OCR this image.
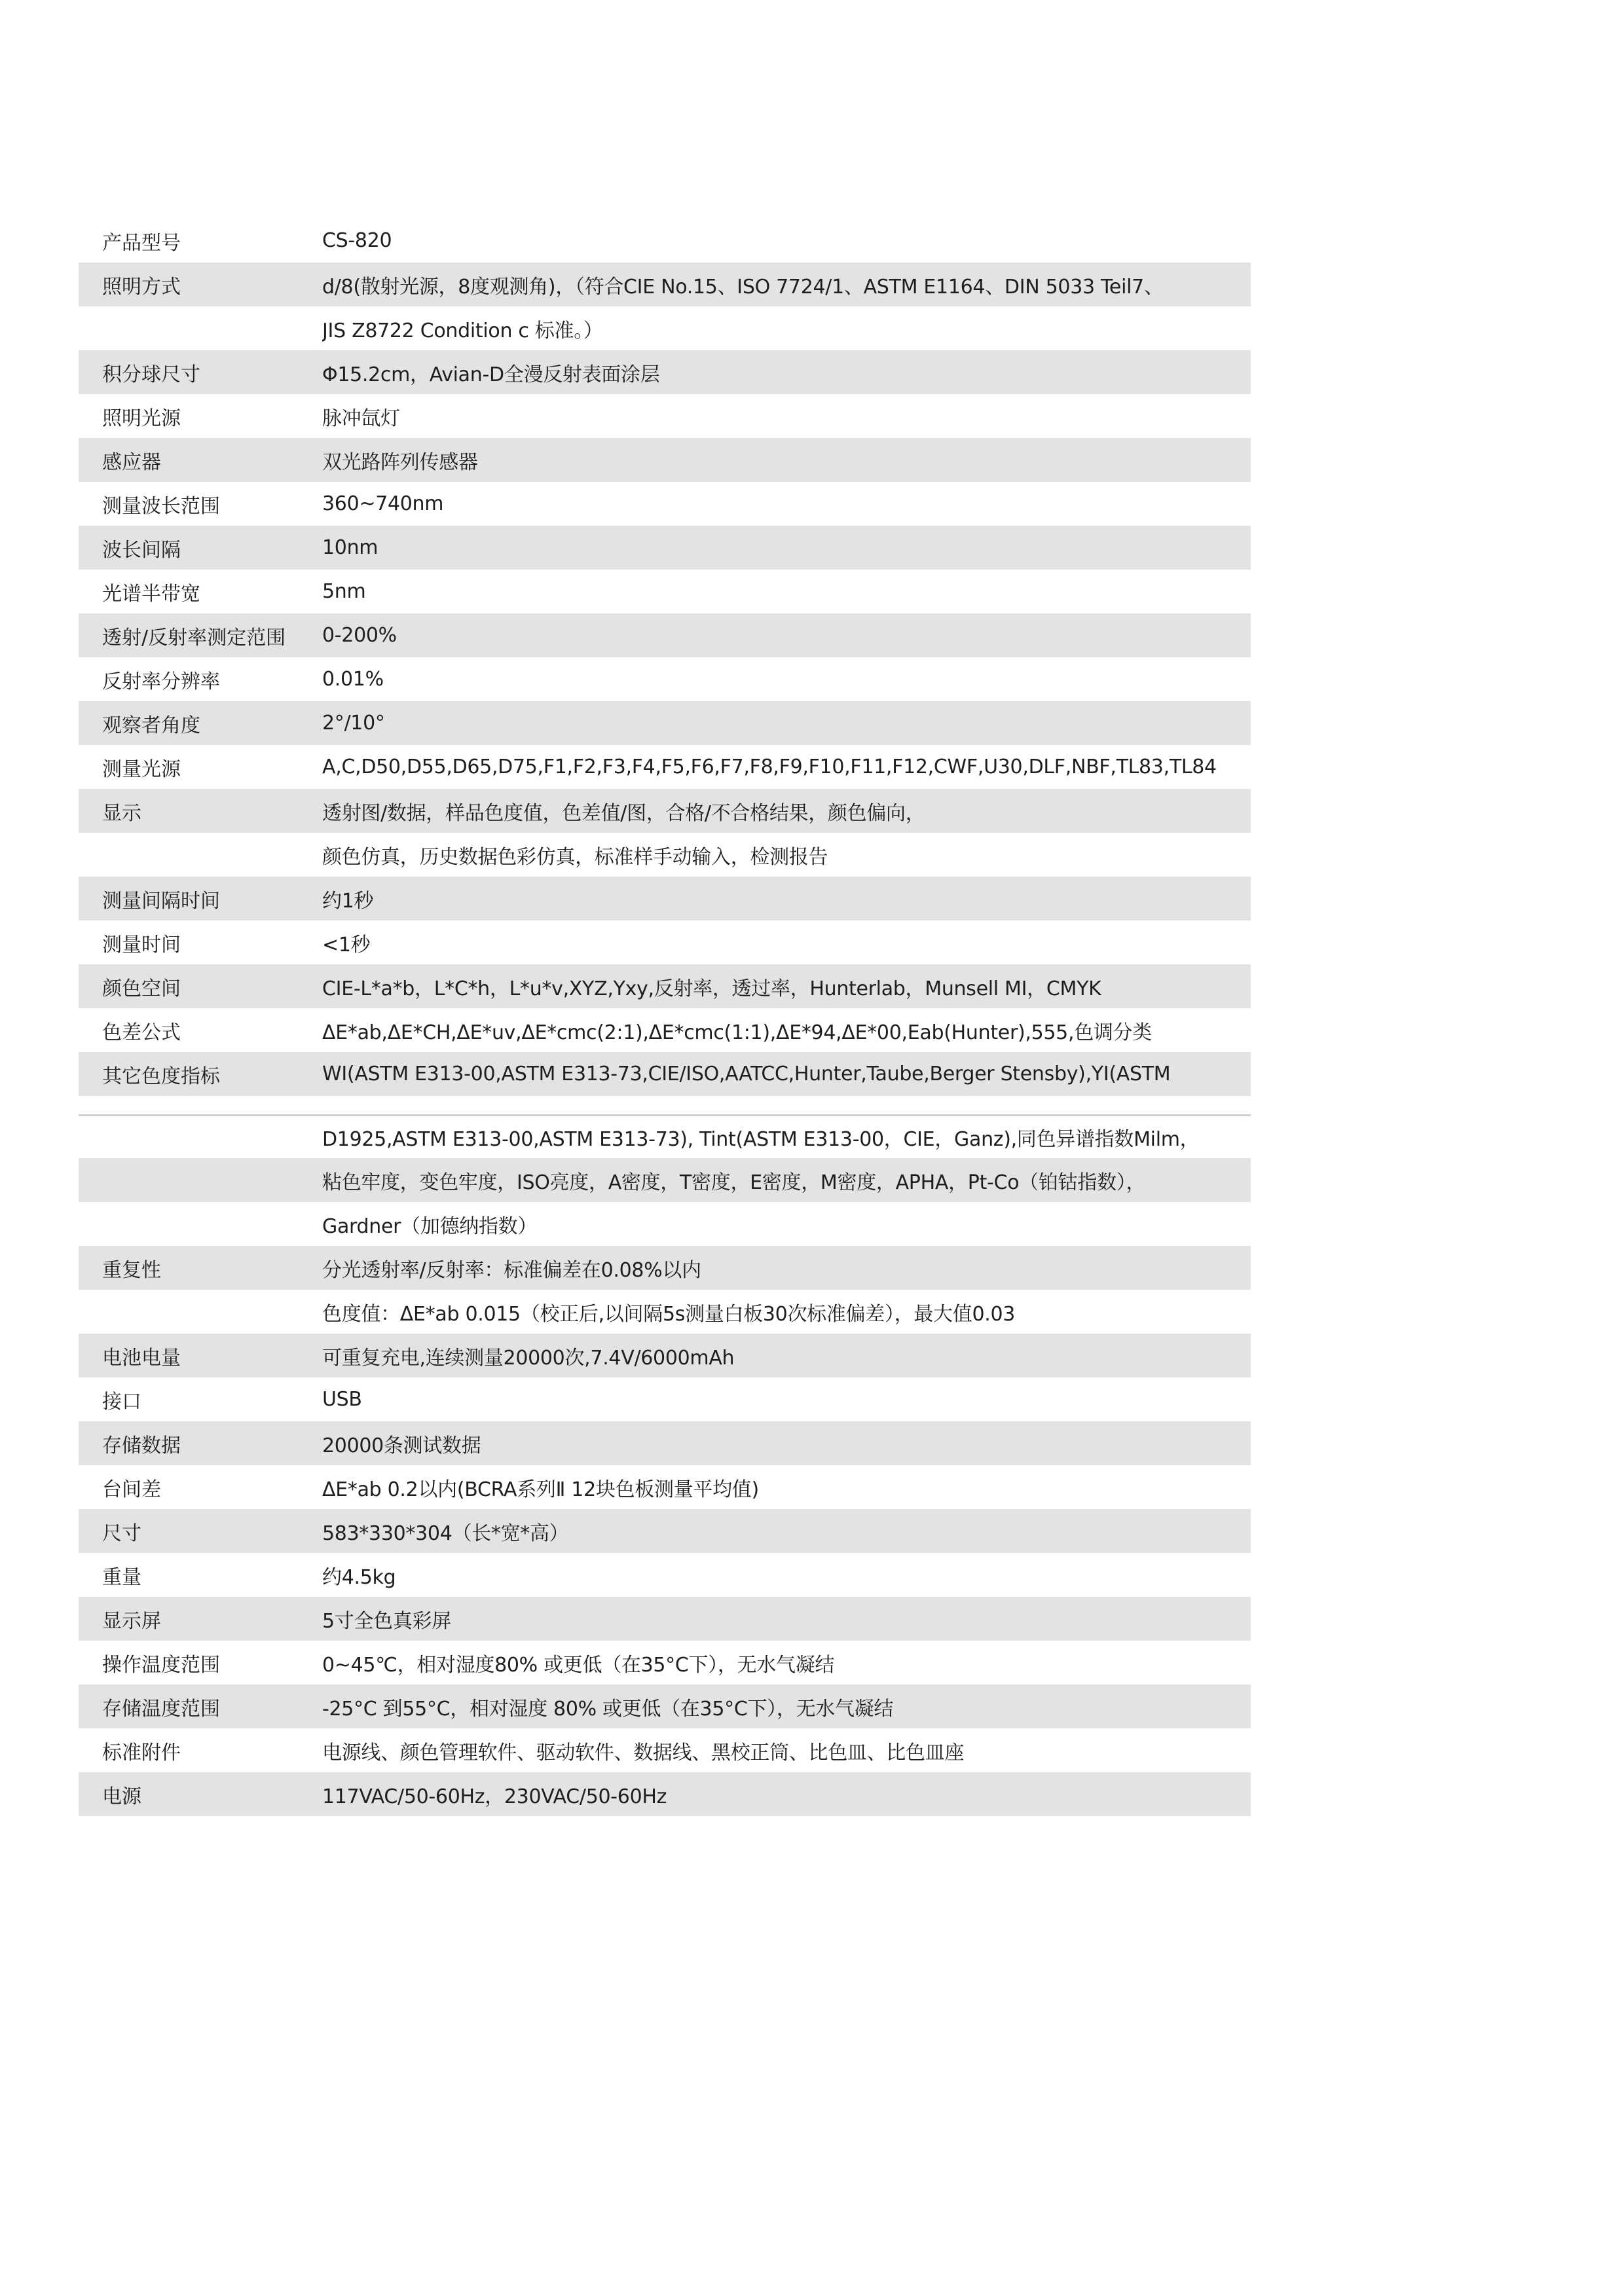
产品型号	CS-820
照明方式	d/8(散射光源，8度观测角)，（符合CIE No.15、ISO 7724/1、ASTM E1164、DIN 5033 Teil7、
JIS Z8722 Condition c 标准。）
积分球尺寸	Φ15.2cm，Avian-D全漫反射表面涂层
照明光源	脉冲氙灯
感应器	双光路阵列传感器
测量波长范围	360~740nm
波长间隔	10nm
光谱半带宽	5nm
透射/反射率测定范围	0-200%
反射率分辨率	0.01%
观察者角度	2°/10°
测量光源	A,C,D50,D55,D65,D75,F1,F2,F3,F4,F5,F6,F7,F8,F9,F10,F11,F12,CWF,U30,DLF,NBF,TL83,TL84
显示	透射图/数据，样品色度值，色差值/图，合格/不合格结果，颜色偏向，
颜色仿真，历史数据色彩仿真，标准样手动输入，检测报告
测量间隔时间	约1秒
测量时间	<1秒
颜色空间	CIE-L*a*b，L*C*h，L*u*v,XYZ,Yxy,反射率，透过率，Hunterlab，Munsell MI，CMYK
色差公式	ΔE*ab,ΔE*CH,ΔE*uv,ΔE*cmc(2:1),ΔE*cmc(1:1),ΔE*94,ΔE*00,Eab(Hunter),555,色调分类
其它色度指标	WI(ASTM E313-00,ASTM E313-73,CIE/ISO,AATCC,Hunter,Taube,Berger Stensby),YI(ASTM
D1925,ASTM E313-00,ASTM E313-73), Tint(ASTM E313-00，CIE，Ganz),同色异谱指数Milm，
粘色牢度，变色牢度，ISO亮度，A密度，T密度，E密度，M密度，APHA，Pt-Co（铂钴指数），
Gardner（加德纳指数）
重复性	分光透射率/反射率：标准偏差在0.08%以内
色度值：ΔE*ab 0.015（校正后,以间隔5s测量白板30次标准偏差），最大值0.03
电池电量	可重复充电,连续测量20000次,7.4V/6000mAh
接口	USB
存储数据	20000条测试数据
台间差	ΔE*ab 0.2以内(BCRA系列Ⅱ 12块色板测量平均值)
尺寸	583*330*304（长*宽*高）
重量	约4.5kg
显示屏	5寸全色真彩屏
操作温度范围	0~45℃，相对湿度80% 或更低（在35°C下），无水气凝结
存储温度范围	-25°C 到55°C，相对湿度 80% 或更低（在35°C下），无水气凝结
标准附件	电源线、颜色管理软件、驱动软件、数据线、黑校正筒、比色皿、比色皿座
电源	117VAC/50-60Hz，230VAC/50-60Hz
